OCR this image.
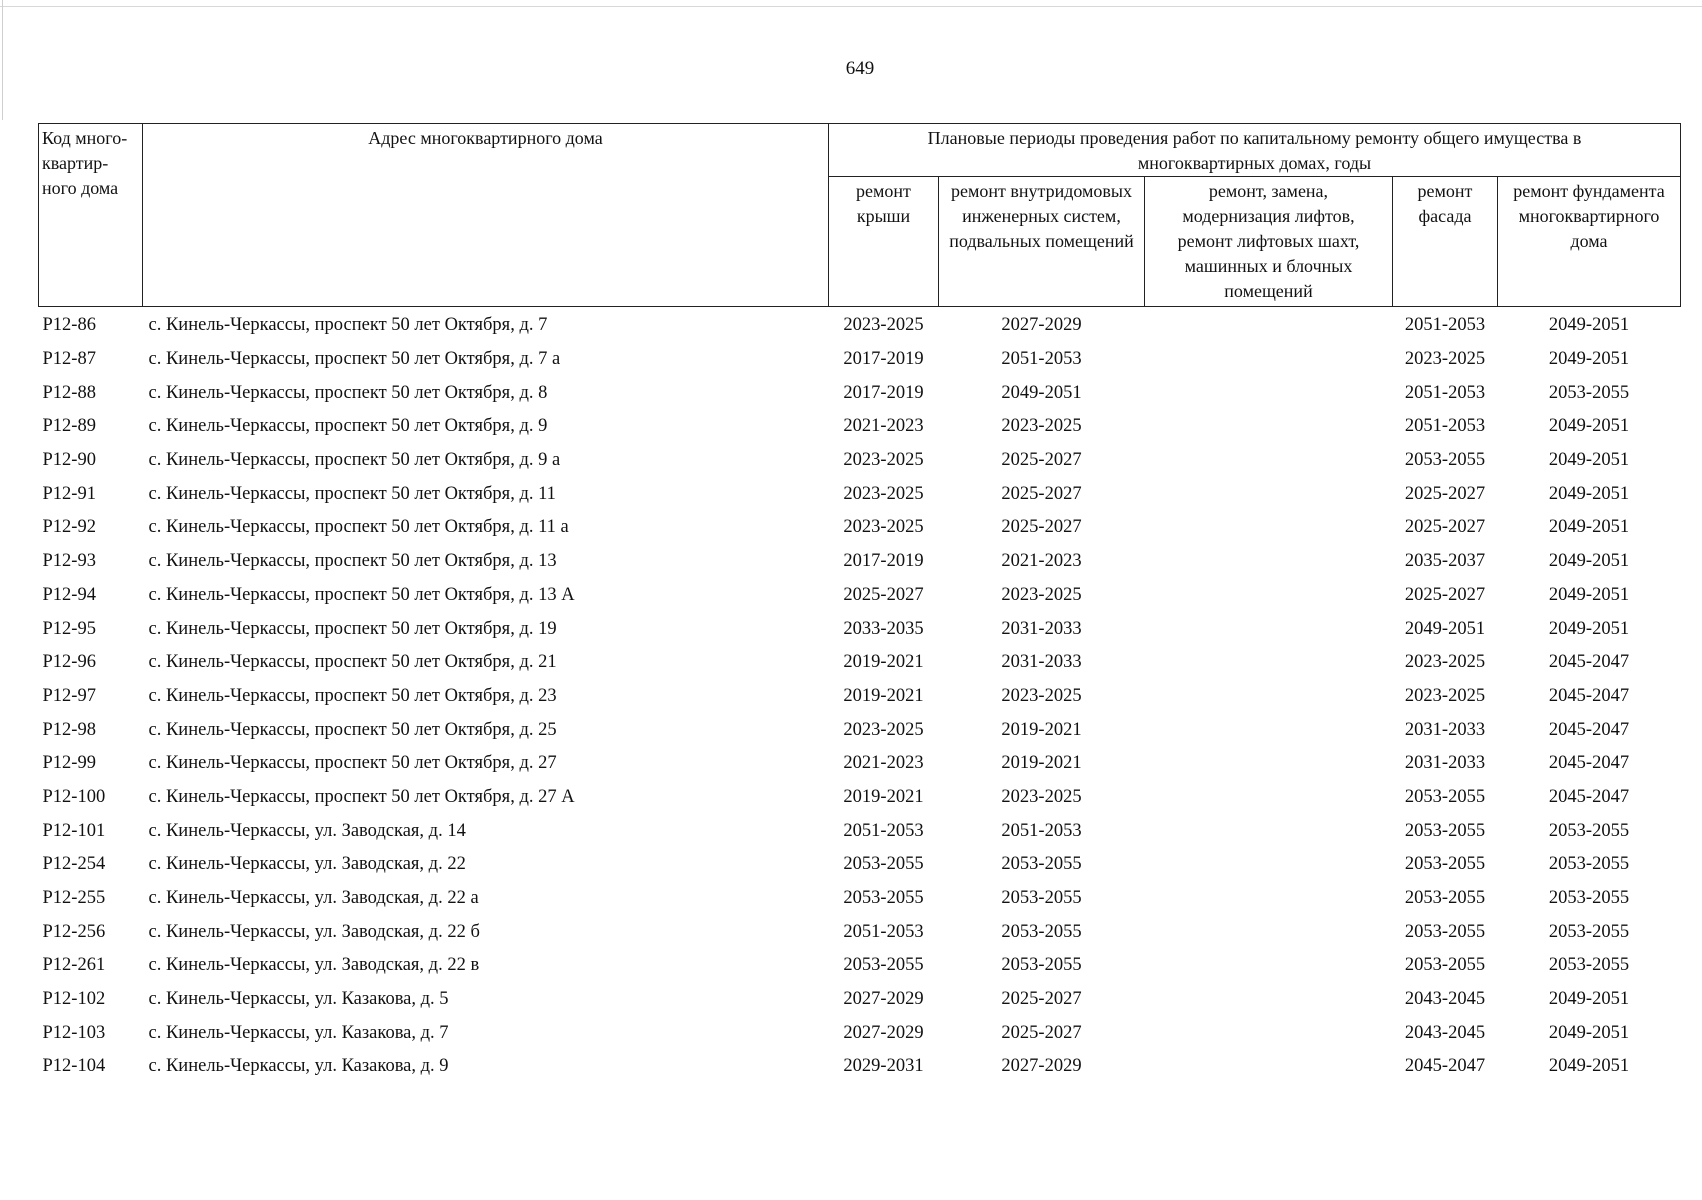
649
Код много-
квартир-
ного дома	Адрес многоквартирного дома	Плановые периоды проведения работ по капитальному ремонту общего имущества в многоквартирных домах, годы				
		ремонт крыши	ремонт внутридомовых инженерных систем, подвальных помещений	ремонт, замена, модернизация лифтов, ремонт лифтовых шахт, машинных и блочных помещений	ремонт фасада	ремонт фундамента многоквартирного дома
Р12-86	с. Кинель-Черкассы, проспект 50 лет Октября, д. 7	2023-2025	2027-2029		2051-2053	2049-2051
Р12-87	с. Кинель-Черкассы, проспект 50 лет Октября, д. 7 а	2017-2019	2051-2053		2023-2025	2049-2051
Р12-88	с. Кинель-Черкассы, проспект 50 лет Октября, д. 8	2017-2019	2049-2051		2051-2053	2053-2055
Р12-89	с. Кинель-Черкассы, проспект 50 лет Октября, д. 9	2021-2023	2023-2025		2051-2053	2049-2051
Р12-90	с. Кинель-Черкассы, проспект 50 лет Октября, д. 9 а	2023-2025	2025-2027		2053-2055	2049-2051
Р12-91	с. Кинель-Черкассы, проспект 50 лет Октября, д. 11	2023-2025	2025-2027		2025-2027	2049-2051
Р12-92	с. Кинель-Черкассы, проспект 50 лет Октября, д. 11 а	2023-2025	2025-2027		2025-2027	2049-2051
Р12-93	с. Кинель-Черкассы, проспект 50 лет Октября, д. 13	2017-2019	2021-2023		2035-2037	2049-2051
Р12-94	с. Кинель-Черкассы, проспект 50 лет Октября, д. 13 А	2025-2027	2023-2025		2025-2027	2049-2051
Р12-95	с. Кинель-Черкассы, проспект 50 лет Октября, д. 19	2033-2035	2031-2033		2049-2051	2049-2051
Р12-96	с. Кинель-Черкассы, проспект 50 лет Октября, д. 21	2019-2021	2031-2033		2023-2025	2045-2047
Р12-97	с. Кинель-Черкассы, проспект 50 лет Октября, д. 23	2019-2021	2023-2025		2023-2025	2045-2047
Р12-98	с. Кинель-Черкассы, проспект 50 лет Октября, д. 25	2023-2025	2019-2021		2031-2033	2045-2047
Р12-99	с. Кинель-Черкассы, проспект 50 лет Октября, д. 27	2021-2023	2019-2021		2031-2033	2045-2047
Р12-100	с. Кинель-Черкассы, проспект 50 лет Октября, д. 27 А	2019-2021	2023-2025		2053-2055	2045-2047
Р12-101	с. Кинель-Черкассы, ул. Заводская, д. 14	2051-2053	2051-2053		2053-2055	2053-2055
Р12-254	с. Кинель-Черкассы, ул. Заводская, д. 22	2053-2055	2053-2055		2053-2055	2053-2055
Р12-255	с. Кинель-Черкассы, ул. Заводская, д. 22 а	2053-2055	2053-2055		2053-2055	2053-2055
Р12-256	с. Кинель-Черкассы, ул. Заводская, д. 22 б	2051-2053	2053-2055		2053-2055	2053-2055
Р12-261	с. Кинель-Черкассы, ул. Заводская, д. 22 в	2053-2055	2053-2055		2053-2055	2053-2055
Р12-102	с. Кинель-Черкассы, ул. Казакова, д. 5	2027-2029	2025-2027		2043-2045	2049-2051
Р12-103	с. Кинель-Черкассы, ул. Казакова, д. 7	2027-2029	2025-2027		2043-2045	2049-2051
Р12-104	с. Кинель-Черкассы, ул. Казакова, д. 9	2029-2031	2027-2029		2045-2047	2049-2051
